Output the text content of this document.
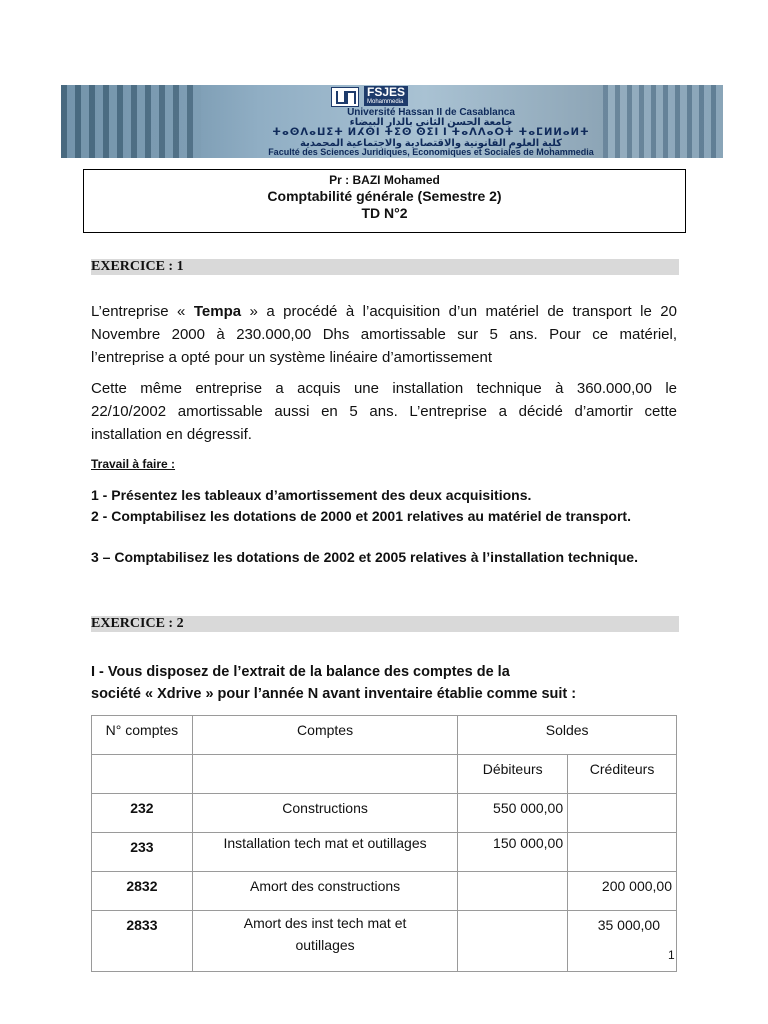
FSJES
Mohammedia
Université Hassan II de Casablanca
جامعة الحسن الثاني بالدار البيضاء
ⵜⴰⵙⴷⴰⵡⵉⵜ ⵍⵃⵙⵏ ⵜⵉⵙ ⵙⵉⵏ ⵏ ⵜⴰⴷⴷⴰⵔⵜ ⵜⴰⵎⵍⵍⴰⵍⵜ
كلية العلوم القانونية والاقتصادية والاجتماعية المحمدية
Faculté des Sciences Juridiques, Economiques et Sociales de Mohammedia
Pr : BAZI Mohamed
Comptabilité générale (Semestre 2)
TD N°2
EXERCICE : 1
L’entreprise « Tempa » a procédé à l’acquisition d’un matériel de transport le 20
Novembre 2000 à 230.000,00 Dhs amortissable sur 5 ans. Pour ce matériel,
l’entreprise a opté pour un système linéaire d’amortissement
Cette même entreprise a acquis une installation technique à 360.000,00 le
22/10/2002 amortissable aussi en 5 ans. L’entreprise a décidé d’amortir cette
installation en dégressif.
Travail à faire :
1 - Présentez les tableaux d’amortissement des deux acquisitions.
2 - Comptabilisez les dotations de 2000 et 2001 relatives au matériel de transport.
3 – Comptabilisez les dotations de 2002 et 2005 relatives à l’installation technique.
EXERCICE : 2
I - Vous disposez de l’extrait de la balance des comptes de la
société « Xdrive » pour l’année N avant inventaire établie comme suit :
N° comptes	Comptes	Soldes	
		Débiteurs	Créditeurs
232	Constructions	550 000,00	
233	Installation tech mat et outillages	150 000,00	
2832	Amort des constructions		200 000,00
2833	Amort des inst tech mat et outillages		35 000,00
1
